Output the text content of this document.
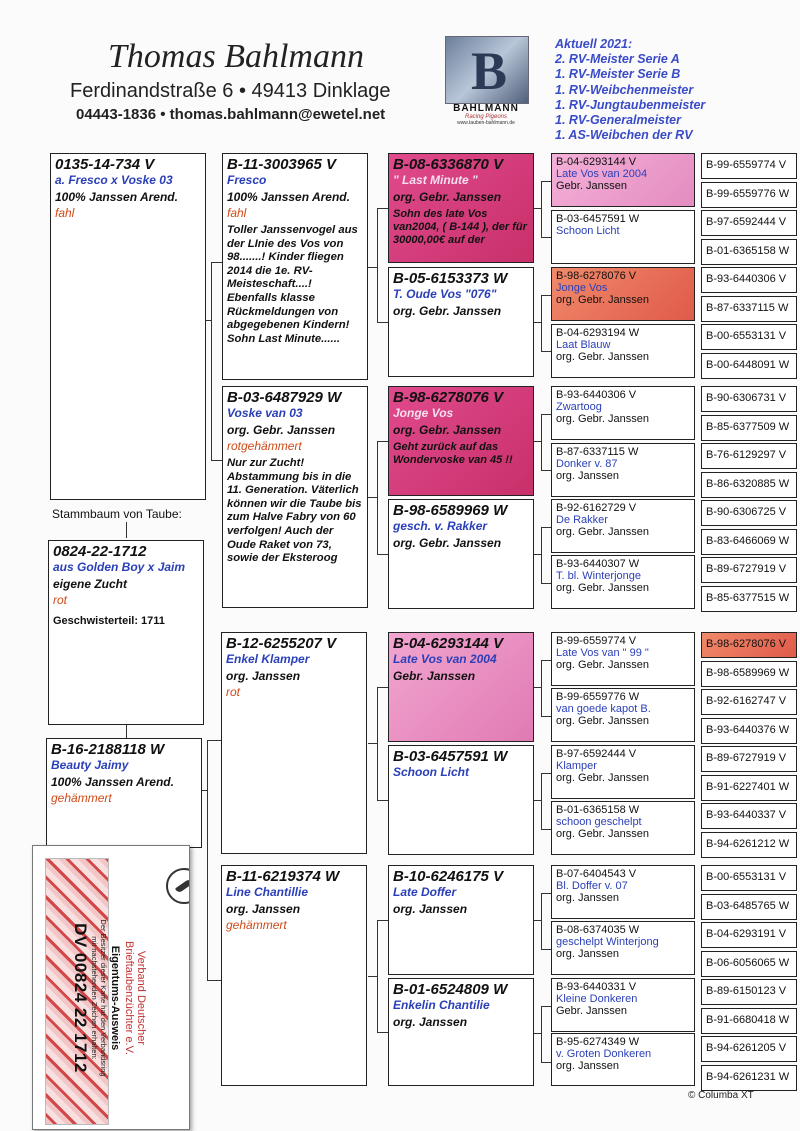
Thomas Bahlmann
Ferdinandstraße 6 • 49413 Dinklage
04443-1836 • thomas.bahlmann@ewetel.net
B
BAHLMANN
Racing Pigeons
www.tauben-bahlmann.de
Aktuell 2021:
2. RV-Meister Serie A
1. RV-Meister Serie B
1. RV-Weibchenmeister
1. RV-Jungtaubenmeister
1. RV-Generalmeister
1. AS-Weibchen der RV
0135-14-734 V
a. Fresco x Voske 03
100% Janssen Arend.
fahl
Stammbaum von Taube:
0824-22-1712
aus Golden Boy x Jaim
eigene Zucht
rot
Geschwisterteil: 1711
B-16-2188118 W
Beauty Jaimy
100% Janssen Arend.
gehämmert
Verband Deutscher
Brieftaubenzüchter e.V.
Eigentums-Ausweis
Der Besitzer dieser Karte hat den Verbandsring
mit nachstehenden Zeichen erhalten:
DV 00824 22 1712
B-11-3003965 V
Fresco
100% Janssen Arend.
fahl
Toller Janssenvogel aus der LInie des Vos von 98.......! Kinder fliegen 2014 die 1e. RV-Meisteschaft....! Ebenfalls klasse Rückmeldungen von abgegebenen Kindern! Sohn Last Minute......
B-03-6487929 W
Voske van 03
org. Gebr. Janssen
rotgehämmert
Nur zur Zucht! Abstammung bis in die 11. Generation. Väterlich können wir die Taube bis zum Halve Fabry von 60 verfolgen! Auch der Oude Raket von 73, sowie der Eksteroog
B-12-6255207 V
Enkel Klamper
org. Janssen
rot
B-11-6219374 W
Line Chantillie
org. Janssen
gehämmert
B-08-6336870 V
" Last Minute "
org. Gebr. Janssen
Sohn des late Vos van2004, ( B-144 ), der für 30000,00€ auf der
B-05-6153373 W
T. Oude Vos "076"
org. Gebr. Janssen
B-98-6278076 V
Jonge Vos
org. Gebr. Janssen
Geht zurück auf das Wondervoske van 45 !!
B-98-6589969 W
gesch. v. Rakker
org. Gebr. Janssen
B-04-6293144 V
Late Vos van 2004
Gebr. Janssen
B-03-6457591 W
Schoon Licht
B-10-6246175 V
Late Doffer
org. Janssen
B-01-6524809 W
Enkelin Chantilie
org. Janssen
B-04-6293144 V
Late Vos van 2004
Gebr. Janssen
B-03-6457591 W
Schoon Licht
B-98-6278076 V
Jonge Vos
org. Gebr. Janssen
B-04-6293194 W
Laat Blauw
org. Gebr. Janssen
B-93-6440306 V
Zwartoog
org. Gebr. Janssen
B-87-6337115 W
Donker v. 87
org. Janssen
B-92-6162729 V
De Rakker
org. Gebr. Janssen
B-93-6440307 W
T. bl. Winterjonge
org. Gebr. Janssen
B-99-6559774 V
Late Vos van " 99 "
org. Gebr. Janssen
B-99-6559776 W
van goede kapot B.
org. Gebr. Janssen
B-97-6592444 V
Klamper
org. Gebr. Janssen
B-01-6365158 W
schoon geschelpt
org. Gebr. Janssen
B-07-6404543 V
Bl. Doffer v. 07
org. Janssen
B-08-6374035 W
geschelpt Winterjong
org. Janssen
B-93-6440331 V
Kleine Donkeren
Gebr. Janssen
B-95-6274349 W
v. Groten Donkeren
org. Janssen
B-99-6559774 V
B-99-6559776 W
B-97-6592444 V
B-01-6365158 W
B-93-6440306 V
B-87-6337115 W
B-00-6553131 V
B-00-6448091 W
B-90-6306731 V
B-85-6377509 W
B-76-6129297 V
B-86-6320885 W
B-90-6306725 V
B-83-6466069 W
B-89-6727919 V
B-85-6377515 W
B-98-6278076 V
B-98-6589969 W
B-92-6162747 V
B-93-6440376 W
B-89-6727919 V
B-91-6227401 W
B-93-6440337 V
B-94-6261212 W
B-00-6553131 V
B-03-6485765 W
B-04-6293191 V
B-06-6056065 W
B-89-6150123 V
B-91-6680418 W
B-94-6261205 V
B-94-6261231 W
© Columba XT
